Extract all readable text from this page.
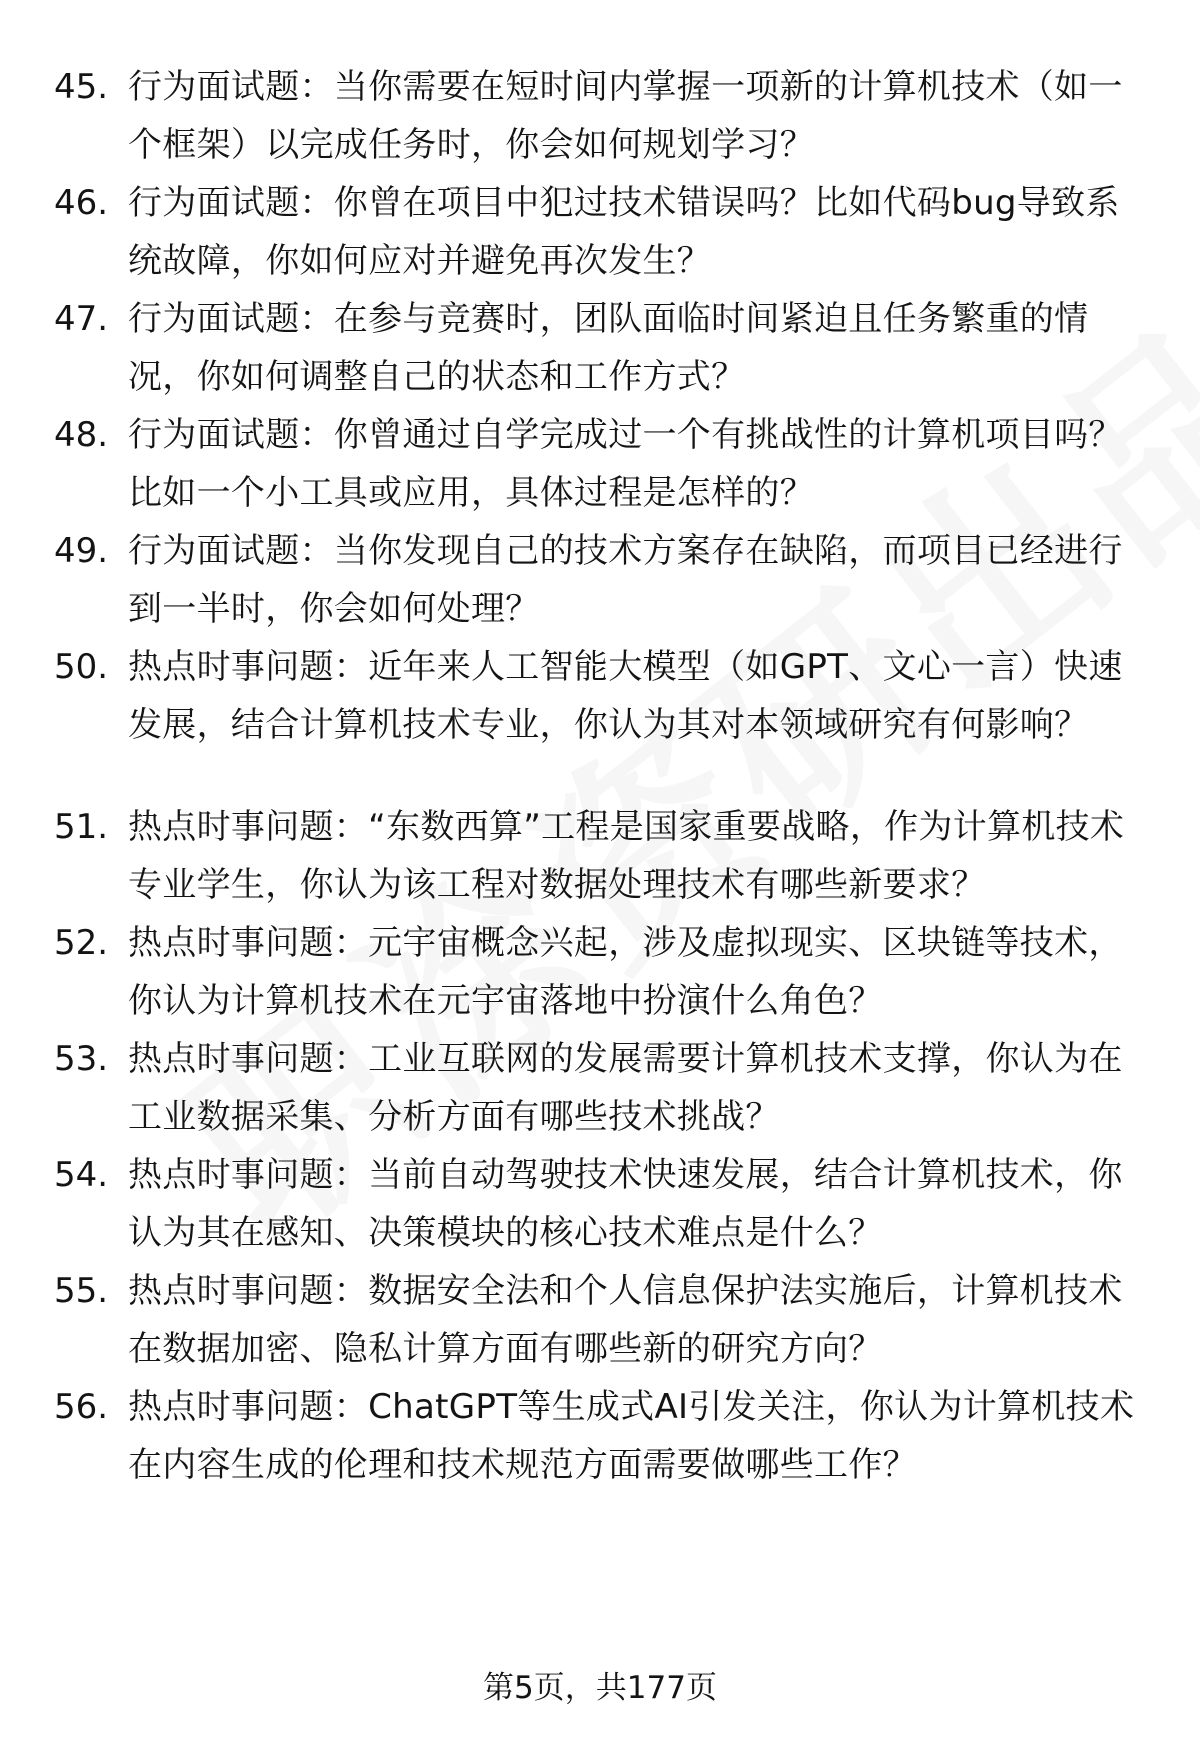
45. 行为面试题：当你需要在短时间内掌握一项新的计算机技术（如一个框架）以完成任务时，你会如何规划学习？
46. 行为面试题：你曾在项目中犯过技术错误吗？比如代码bug导致系统故障，你如何应对并避免再次发生？
47. 行为面试题：在参与竞赛时，团队面临时间紧迫且任务繁重的情况，你如何调整自己的状态和工作方式？
48. 行为面试题：你曾通过自学完成过一个有挑战性的计算机项目吗？比如一个小工具或应用，具体过程是怎样的？
49. 行为面试题：当你发现自己的技术方案存在缺陷，而项目已经进行到一半时，你会如何处理？
50. 热点时事问题：近年来人工智能大模型（如GPT、文心一言）快速发展，结合计算机技术专业，你认为其对本领域研究有何影响？
51. 热点时事问题：“东数西算”工程是国家重要战略，作为计算机技术专业学生，你认为该工程对数据处理技术有哪些新要求？
52. 热点时事问题：元宇宙概念兴起，涉及虚拟现实、区块链等技术，你认为计算机技术在元宇宙落地中扮演什么角色？
53. 热点时事问题：工业互联网的发展需要计算机技术支撑，你认为在工业数据采集、分析方面有哪些技术挑战？
54. 热点时事问题：当前自动驾驶技术快速发展，结合计算机技术，你认为其在感知、决策模块的核心技术难点是什么？
55. 热点时事问题：数据安全法和个人信息保护法实施后，计算机技术在数据加密、隐私计算方面有哪些新的研究方向？
56. 热点时事问题：ChatGPT等生成式AI引发关注，你认为计算机技术在内容生成的伦理和技术规范方面需要做哪些工作？
第5页，共177页
